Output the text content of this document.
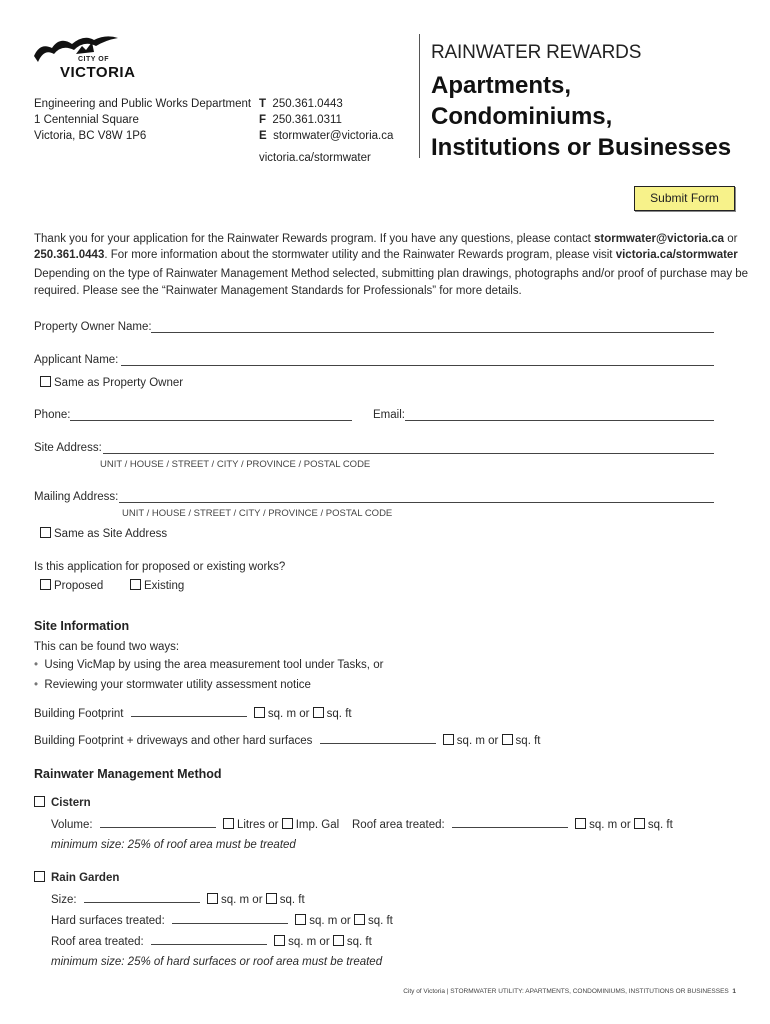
CITY OF
VICTORIA
Engineering and Public Works Department
1 Centennial Square
Victoria, BC V8W 1P6
T 250.361.0443
F 250.361.0311
E stormwater@victoria.ca
victoria.ca/stormwater
RAINWATER REWARDS
Apartments,
Condominiums,
Institutions or Businesses
Submit Form
Thank you for your application for the Rainwater Rewards program. If you have any questions, please contact stormwater@victoria.ca or
250.361.0443. For more information about the stormwater utility and the Rainwater Rewards program, please visit victoria.ca/stormwater
Depending on the type of Rainwater Management Method selected, submitting plan drawings, photographs and/or proof of purchase may be
required. Please see the “Rainwater Management Standards for Professionals” for more details.
Property Owner Name:
Applicant Name:
Same as Property Owner
Phone:	Email:
Site Address:
UNIT / HOUSE / STREET / CITY / PROVINCE / POSTAL CODE
Mailing Address:
UNIT / HOUSE / STREET / CITY / PROVINCE / POSTAL CODE
Same as Site Address
Is this application for proposed or existing works?
Proposed	Existing
Site Information
This can be found two ways:
• Using VicMap by using the area measurement tool under Tasks, or
• Reviewing your stormwater utility assessment notice
Building Footprint	sq. m or sq. ft
Building Footprint + driveways and other hard surfaces	sq. m or sq. ft
Rainwater Management Method
Cistern
Volume:	Litres or Imp. Gal Roof area treated:	sq. m or sq. ft
minimum size: 25% of roof area must be treated
Rain Garden
Size:	sq. m or sq. ft
Hard surfaces treated:	sq. m or sq. ft
Roof area treated:	sq. m or sq. ft
minimum size: 25% of hard surfaces or roof area must be treated
City of Victoria | STORMWATER UTILITY: APARTMENTS, CONDOMINIUMS, INSTITUTIONS OR BUSINESSES 1
